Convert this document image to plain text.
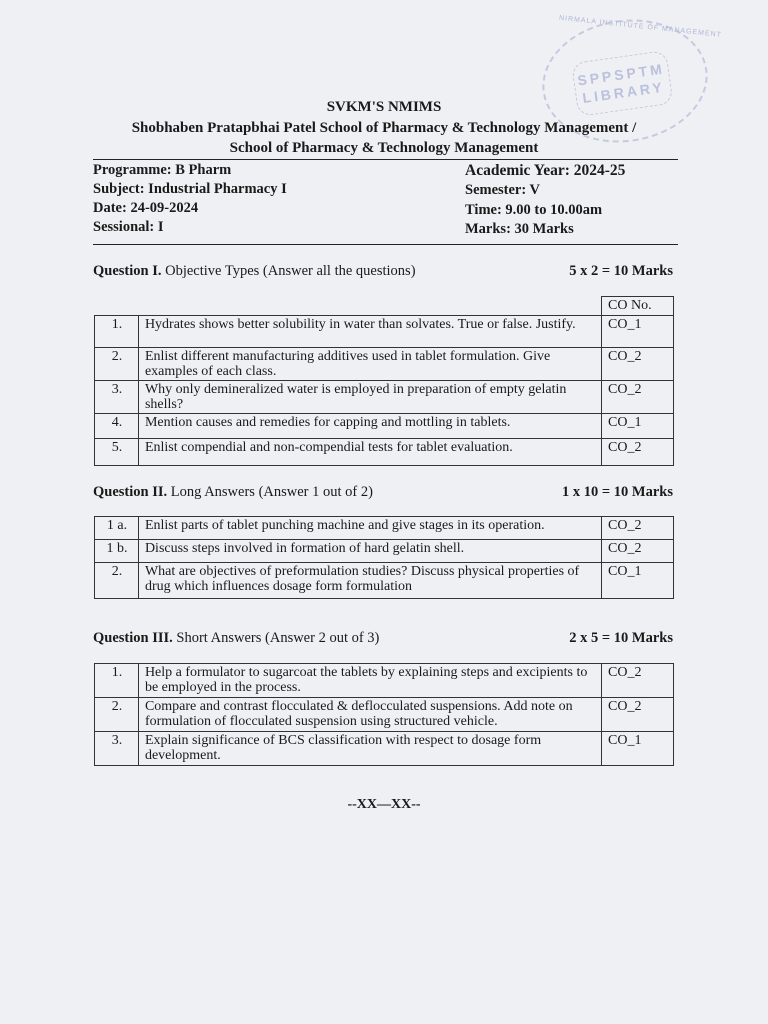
NIRMALA INSTITUTE OF MANAGEMENT
SPPSPTM LIBRARY
SVKM'S NMIMS
Shobhaben Pratapbhai Patel School of Pharmacy & Technology Management /
School of Pharmacy & Technology Management
Programme: B Pharm
Subject: Industrial Pharmacy I
Date: 24-09-2024
Sessional: I
Academic Year: 2024-25
Semester: V
Time: 9.00 to 10.00am
Marks: 30 Marks
Question I. Objective Types (Answer all the questions)	5 x 2 = 10 Marks
		CO No.
1.	Hydrates shows better solubility in water than solvates. True or false. Justify.	CO_1
2.	Enlist different manufacturing additives used in tablet formulation. Give examples of each class.	CO_2
3.	Why only demineralized water is employed in preparation of empty gelatin shells?	CO_2
4.	Mention causes and remedies for capping and mottling in tablets.	CO_1
5.	Enlist compendial and non-compendial tests for tablet evaluation.	CO_2
Question II. Long Answers (Answer 1 out of 2)	1 x 10 = 10 Marks
1 a.	Enlist parts of tablet punching machine and give stages in its operation.	CO_2
1 b.	Discuss steps involved in formation of hard gelatin shell.	CO_2
2.	What are objectives of preformulation studies? Discuss physical properties of drug which influences dosage form formulation	CO_1
Question III. Short Answers (Answer 2 out of 3)	2 x 5 = 10 Marks
1.	Help a formulator to sugarcoat the tablets by explaining steps and excipients to be employed in the process.	CO_2
2.	Compare and contrast flocculated & deflocculated suspensions. Add note on formulation of flocculated suspension using structured vehicle.	CO_2
3.	Explain significance of BCS classification with respect to dosage form development.	CO_1
--XX—XX--
